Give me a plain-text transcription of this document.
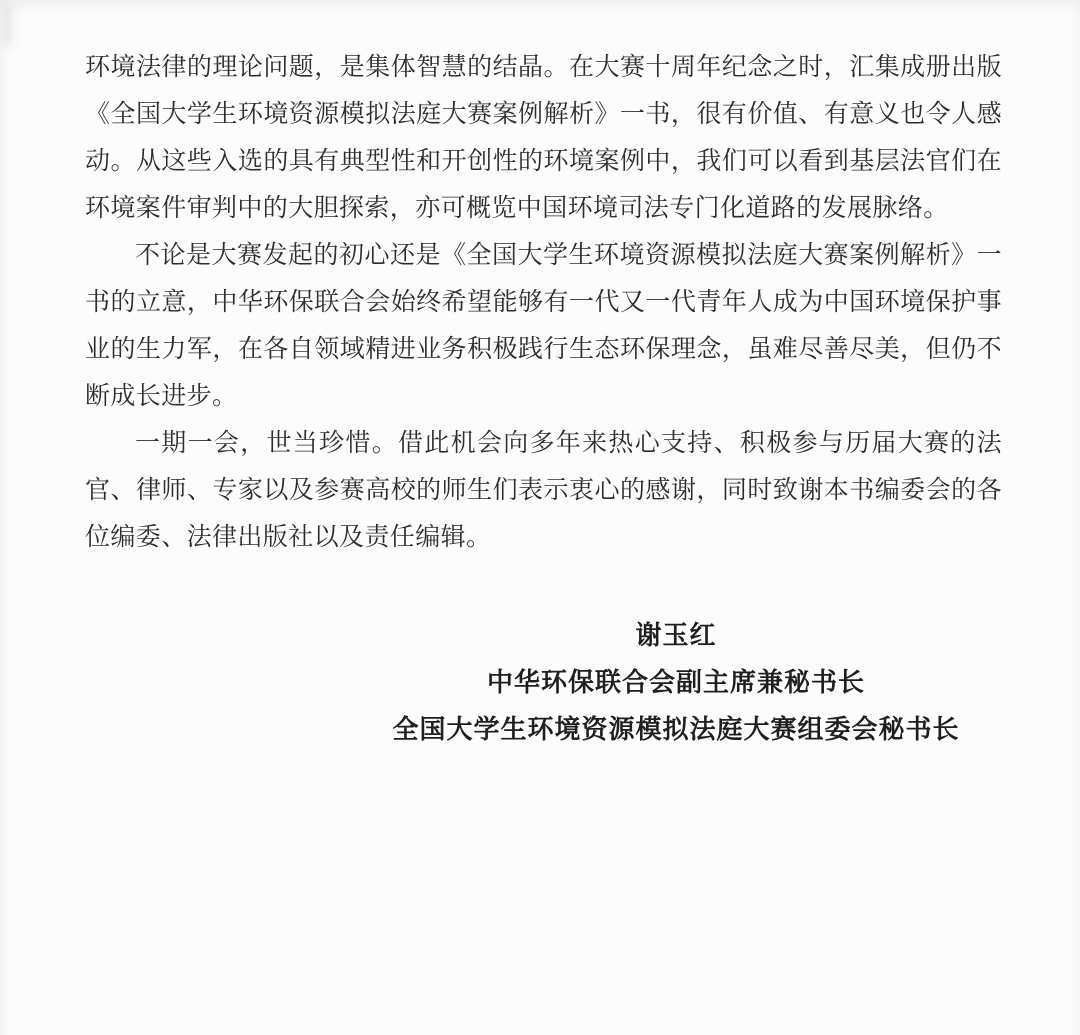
环境法律的理论问题，是集体智慧的结晶。在大赛十周年纪念之时，汇集成册出版《全国大学生环境资源模拟法庭大赛案例解析》一书，很有价值、有意义也令人感动。从这些入选的具有典型性和开创性的环境案例中，我们可以看到基层法官们在环境案件审判中的大胆探索，亦可概览中国环境司法专门化道路的发展脉络。

不论是大赛发起的初心还是《全国大学生环境资源模拟法庭大赛案例解析》一书的立意，中华环保联合会始终希望能够有一代又一代青年人成为中国环境保护事业的生力军，在各自领域精进业务积极践行生态环保理念，虽难尽善尽美，但仍不断成长进步。

一期一会，世当珍惜。借此机会向多年来热心支持、积极参与历届大赛的法官、律师、专家以及参赛高校的师生们表示衷心的感谢，同时致谢本书编委会的各位编委、法律出版社以及责任编辑。

谢玉红
中华环保联合会副主席兼秘书长
全国大学生环境资源模拟法庭大赛组委会秘书长
